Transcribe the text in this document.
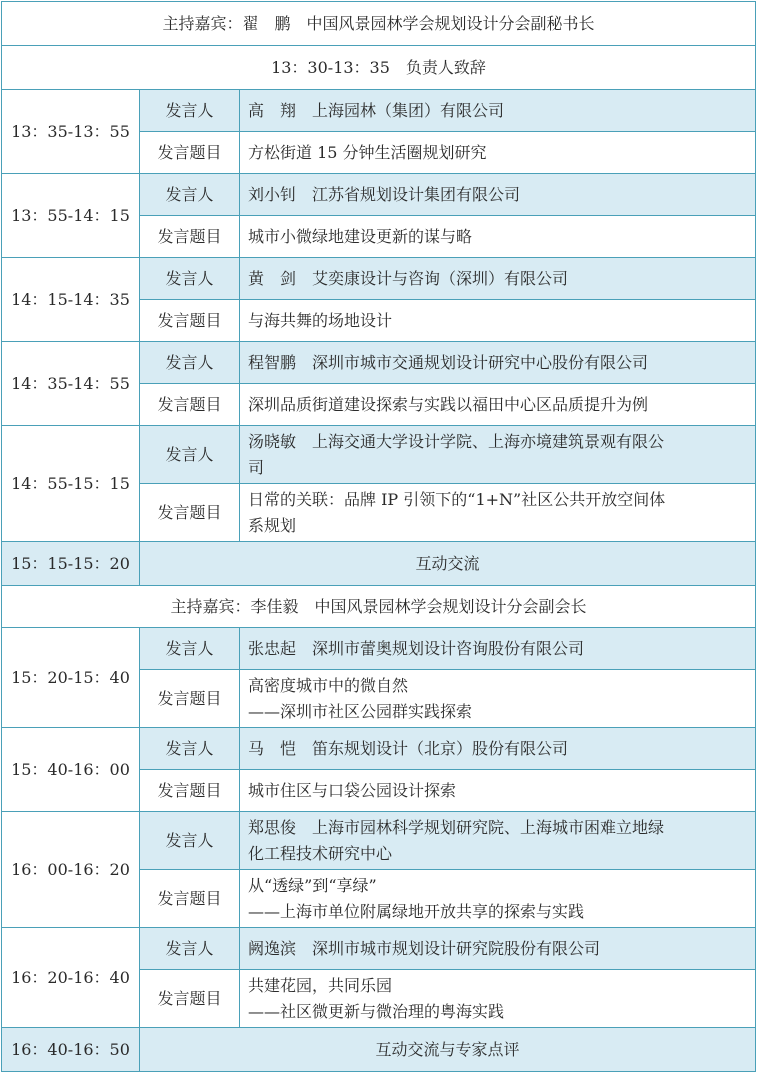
主持嘉宾：翟　鹏　中国风景园林学会规划设计分会副秘书长		
13：30-13：35　负责人致辞		
13：35-13：55	发言人	高　翔　上海园林（集团）有限公司

	发言题目	方松街道 15 分钟生活圈规划研究

13：55-14：15	发言人	刘小钊　江苏省规划设计集团有限公司

	发言题目	城市小微绿地建设更新的谋与略

14：15-14：35	发言人	黄　剑　艾奕康设计与咨询（深圳）有限公司

	发言题目	与海共舞的场地设计

14：35-14：55	发言人	程智鹏　深圳市城市交通规划设计研究中心股份有限公司

	发言题目	深圳品质街道建设探索与实践以福田中心区品质提升为例

14：55-15：15	发言人	汤晓敏　上海交通大学设计学院、上海亦境建筑景观有限公
司

	发言题目	日常的关联：品牌 IP 引领下的“1+N”社区公共开放空间体
系规划

15：15-15：20	互动交流	
主持嘉宾：李佳毅　中国风景园林学会规划设计分会副会长		
15：20-15：40	发言人	张忠起　深圳市蕾奥规划设计咨询股份有限公司

	发言题目	高密度城市中的微自然
——深圳市社区公园群实践探索

15：40-16：00	发言人	马　恺　笛东规划设计（北京）股份有限公司

	发言题目	城市住区与口袋公园设计探索

16：00-16：20	发言人	郑思俊　上海市园林科学规划研究院、上海城市困难立地绿
化工程技术研究中心

	发言题目	从“透绿”到“享绿”
——上海市单位附属绿地开放共享的探索与实践

16：20-16：40	发言人	阙逸滨　深圳市城市规划设计研究院股份有限公司

	发言题目	共建花园，共同乐园
——社区微更新与微治理的粤海实践

16：40-16：50	互动交流与专家点评	
